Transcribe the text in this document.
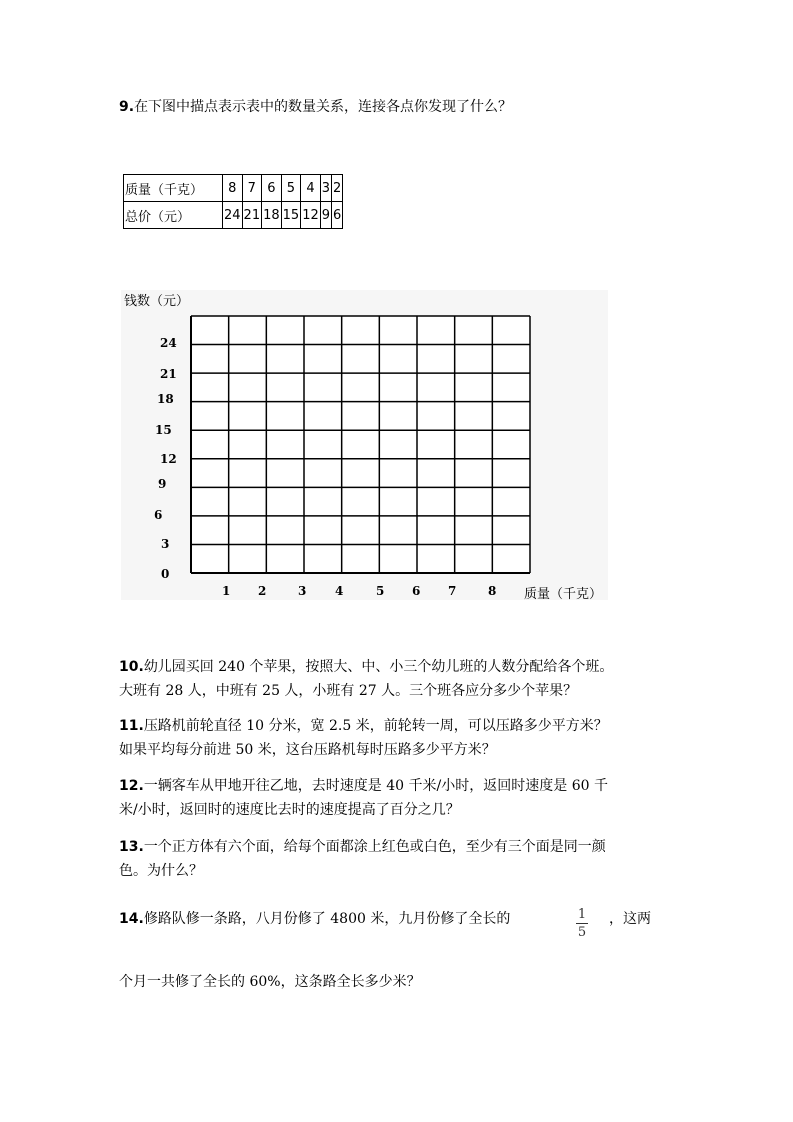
9.在下图中描点表示表中的数量关系，连接各点你发现了什么？
质量（千克）	8	7	6	5	4	3	2
总价（元）	24	21	18	15	12	9	6
钱数（元）
质量（千克）
0
3
6
9
12
15
18
21
24
1 2	3 4	5 6 7	8
10.幼儿园买回 240 个苹果，按照大、中、小三个幼儿班的人数分配给各个班。
大班有 28 人，中班有 25 人，小班有 27 人。三个班各应分多少个苹果？
11.压路机前轮直径 10 分米，宽 2.5 米，前轮转一周，可以压路多少平方米？
如果平均每分前进 50 米，这台压路机每时压路多少平方米？
12.一辆客车从甲地开往乙地，去时速度是 40 千米/小时，返回时速度是 60 千
米/小时，返回时的速度比去时的速度提高了百分之几？
13.一个正方体有六个面，给每个面都涂上红色或白色，至少有三个面是同一颜
色。为什么？
14.修路队修一条路，八月份修了 4800 米，九月份修了全长的	1
5
，这两
个月一共修了全长的 60%，这条路全长多少米？
